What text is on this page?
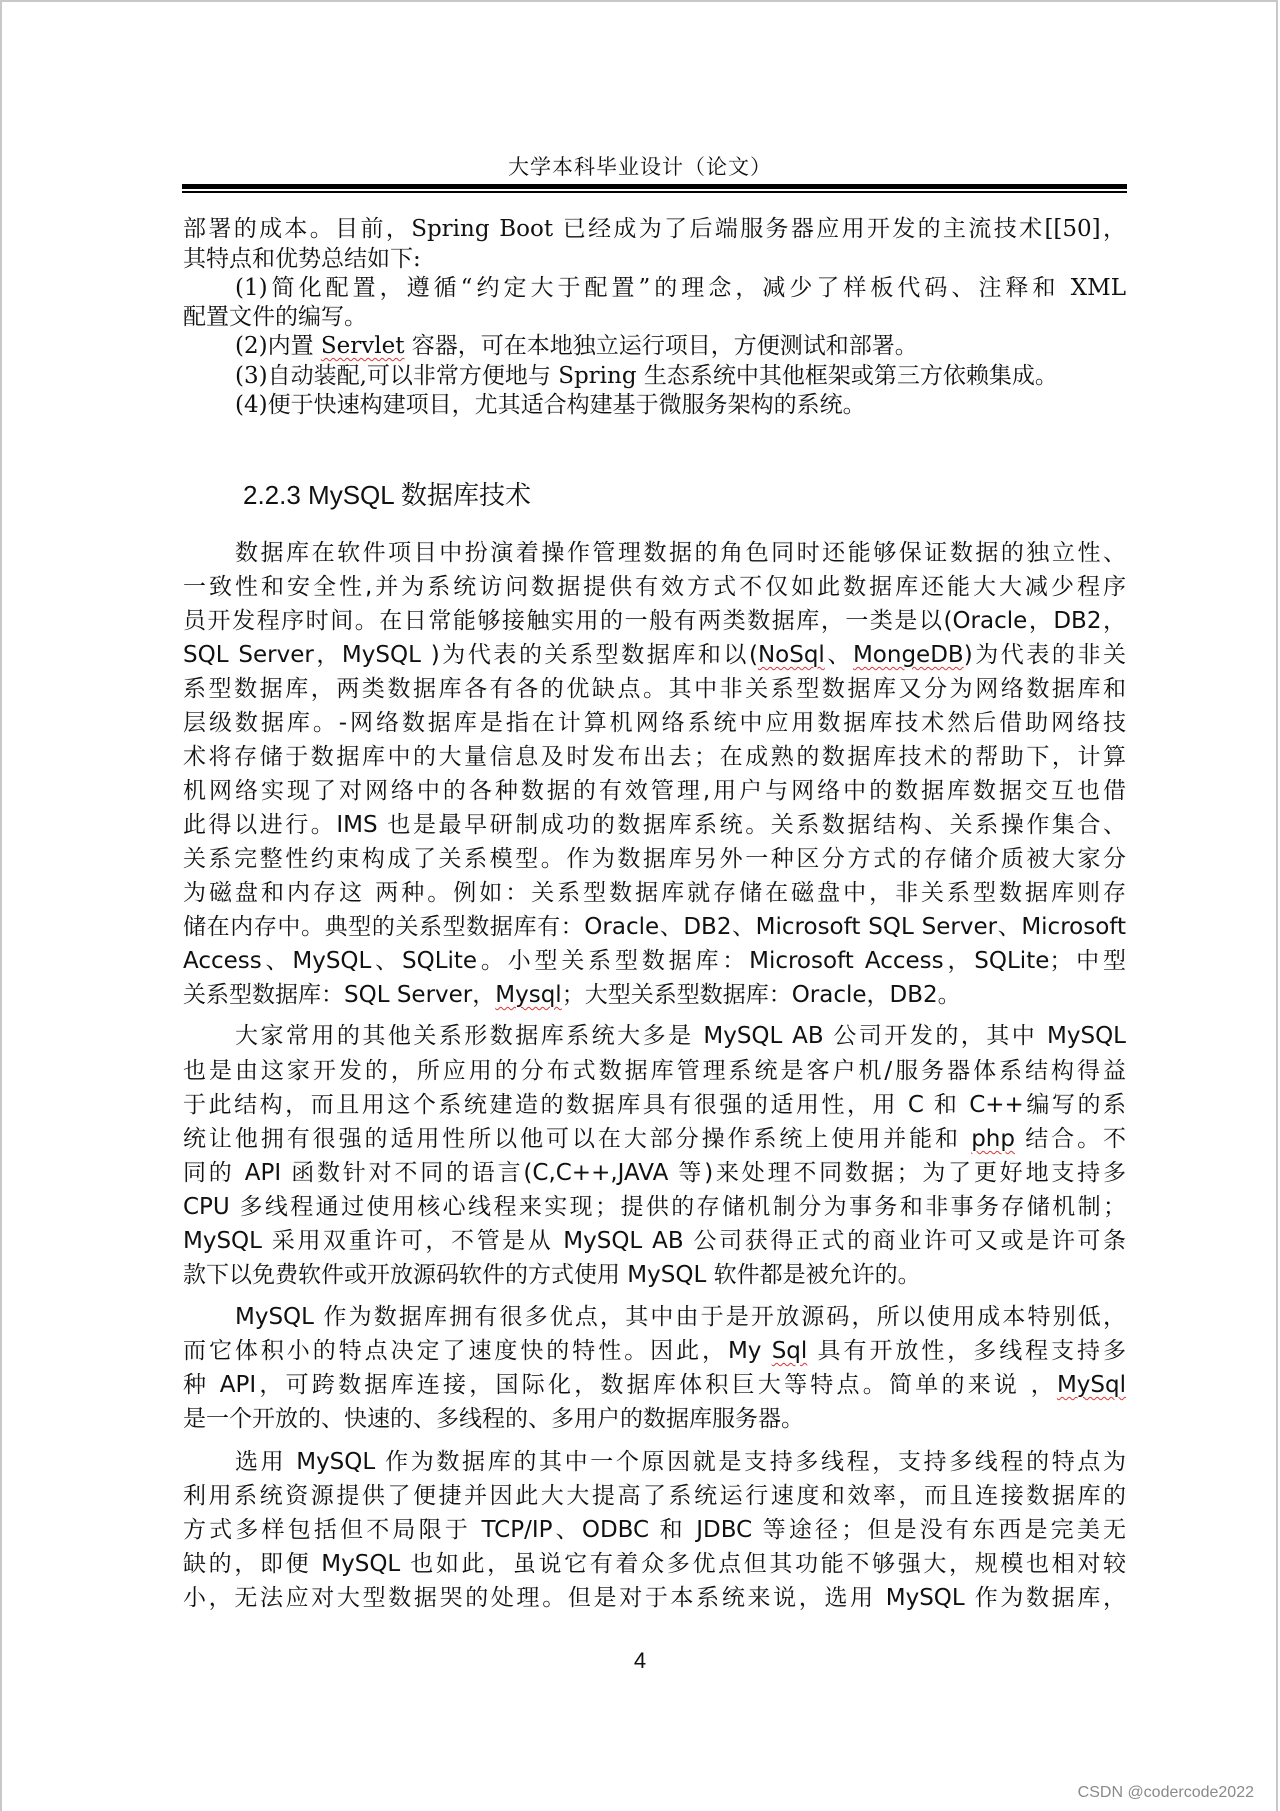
大学本科毕业设计（论文）
部署的成本。目前，Spring Boot 已经成为了后端服务器应用开发的主流技术[[50]，
其特点和优势总结如下:
(1)简化配置，遵循“约定大于配置”的理念，减少了样板代码、注释和 XML
配置文件的编写。
(2)内置 Servlet 容器，可在本地独立运行项目，方便测试和部署。
(3)自动装配,可以非常方便地与 Spring 生态系统中其他框架或第三方依赖集成。
(4)便于快速构建项目，尤其适合构建基于微服务架构的系统。
2.2.3 MySQL 数据库技术
数据库在软件项目中扮演着操作管理数据的角色同时还能够保证数据的独立性、
一致性和安全性,并为系统访问数据提供有效方式不仅如此数据库还能大大减少程序
员开发程序时间。在日常能够接触实用的一般有两类数据库，一类是以(Oracle，DB2，
SQL Server，MySQL )为代表的关系型数据库和以(NoSql、MongeDB)为代表的非关
系型数据库，两类数据库各有各的优缺点。其中非关系型数据库又分为网络数据库和
层级数据库。-网络数据库是指在计算机网络系统中应用数据库技术然后借助网络技
术将存储于数据库中的大量信息及时发布出去；在成熟的数据库技术的帮助下，计算
机网络实现了对网络中的各种数据的有效管理,用户与网络中的数据库数据交互也借
此得以进行。IMS 也是最早研制成功的数据库系统。关系数据结构、关系操作集合、
关系完整性约束构成了关系模型。作为数据库另外一种区分方式的存储介质被大家分
为磁盘和内存这 两种。例如：关系型数据库就存储在磁盘中，非关系型数据库则存
储在内存中。典型的关系型数据库有：Oracle、DB2、Microsoft SQL Server、Microsoft
Access、MySQL、SQLite。小型关系型数据库：Microsoft Access，SQLite；中型
关系型数据库：SQL Server，Mysql；大型关系型数据库：Oracle，DB2。
大家常用的其他关系形数据库系统大多是 MySQL AB 公司开发的，其中 MySQL
也是由这家开发的，所应用的分布式数据库管理系统是客户机/服务器体系结构得益
于此结构，而且用这个系统建造的数据库具有很强的适用性，用 C 和 C++编写的系
统让他拥有很强的适用性所以他可以在大部分操作系统上使用并能和 php 结合。不
同的 API 函数针对不同的语言(C,C++,JAVA 等)来处理不同数据；为了更好地支持多
CPU 多线程通过使用核心线程来实现；提供的存储机制分为事务和非事务存储机制；
MySQL 采用双重许可，不管是从 MySQL AB 公司获得正式的商业许可又或是许可条
款下以免费软件或开放源码软件的方式使用 MySQL 软件都是被允许的。
MySQL 作为数据库拥有很多优点，其中由于是开放源码，所以使用成本特别低，
而它体积小的特点决定了速度快的特性。因此，My Sql 具有开放性，多线程支持多
种 API，可跨数据库连接，国际化，数据库体积巨大等特点。简单的来说 ，MySql
是一个开放的、快速的、多线程的、多用户的数据库服务器。
选用 MySQL 作为数据库的其中一个原因就是支持多线程，支持多线程的特点为
利用系统资源提供了便捷并因此大大提高了系统运行速度和效率，而且连接数据库的
方式多样包括但不局限于 TCP/IP、ODBC 和 JDBC 等途径；但是没有东西是完美无
缺的，即便 MySQL 也如此，虽说它有着众多优点但其功能不够强大，规模也相对较
小，无法应对大型数据哭的处理。但是对于本系统来说，选用 MySQL 作为数据库，
4
CSDN @codercode2022
